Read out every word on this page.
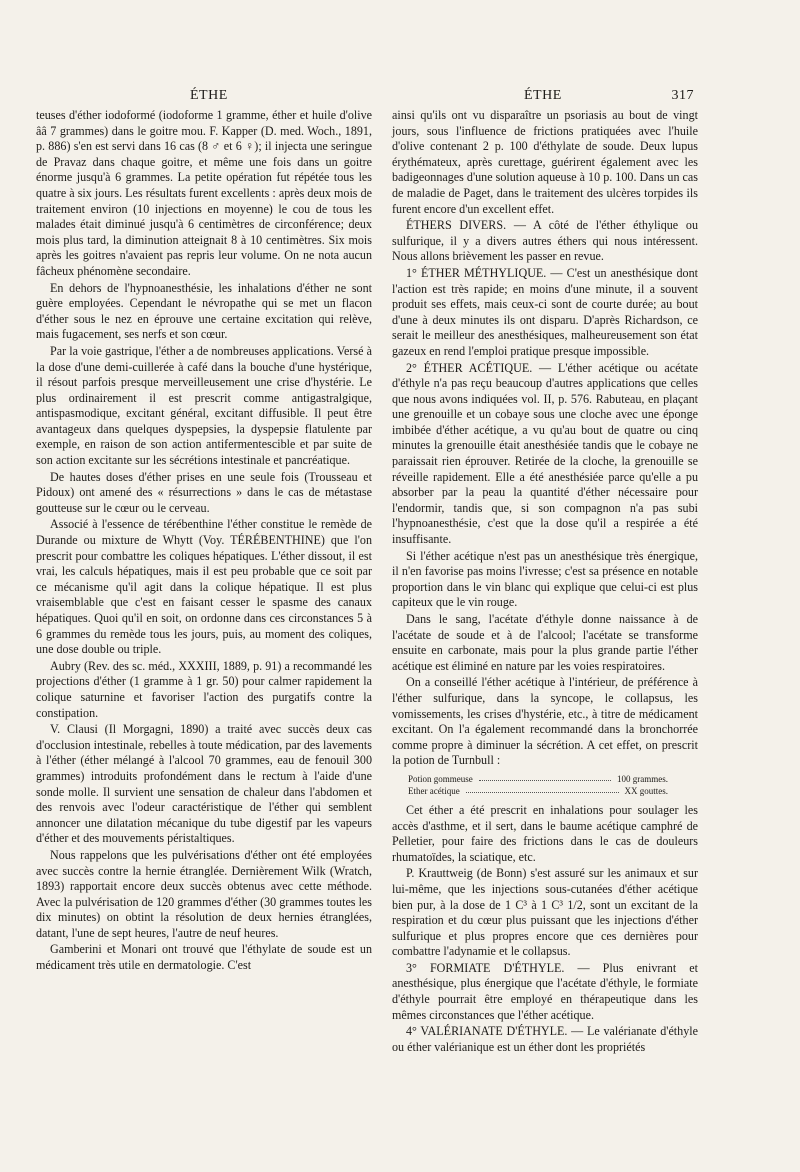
ÉTHE	ÉTHE	317

teuses d'éther iodoformé (iodoforme 1 gramme, éther et huile d'olive ââ 7 grammes) dans le goitre mou. F. Kapper (D. med. Woch., 1891, p. 886) s'en est servi dans 16 cas (8 ♂ et 6 ♀); il injecta une seringue de Pravaz dans chaque goitre, et même une fois dans un goitre énorme jusqu'à 6 grammes. La petite opération fut répétée tous les quatre à six jours. Les résultats furent excellents : après deux mois de traitement environ (10 injections en moyenne) le cou de tous les malades était diminué jusqu'à 6 centimètres de circonférence; deux mois plus tard, la diminution atteignait 8 à 10 centimètres. Six mois après les goitres n'avaient pas repris leur volume. On ne nota aucun fâcheux phénomène secondaire.

En dehors de l'hypnoanesthésie, les inhalations d'éther ne sont guère employées. Cependant le névropathe qui se met un flacon d'éther sous le nez en éprouve une certaine excitation qui relève, mais fugacement, ses nerfs et son cœur.

Par la voie gastrique, l'éther a de nombreuses applications. Versé à la dose d'une demi-cuillerée à café dans la bouche d'une hystérique, il résout parfois presque merveilleusement une crise d'hystérie. Le plus ordinairement il est prescrit comme antigastralgique, antispasmodique, excitant général, excitant diffusible. Il peut être avantageux dans quelques dyspepsies, la dyspepsie flatulente par exemple, en raison de son action antifermentescible et par suite de son action excitante sur les sécrétions intestinale et pancréatique.

De hautes doses d'éther prises en une seule fois (Trousseau et Pidoux) ont amené des « résurrections » dans le cas de métastase goutteuse sur le cœur ou le cerveau.

Associé à l'essence de térébenthine l'éther constitue le remède de Durande ou mixture de Whytt (Voy. TÉRÉBENTHINE) que l'on prescrit pour combattre les coliques hépatiques. L'éther dissout, il est vrai, les calculs hépatiques, mais il est peu probable que ce soit par ce mécanisme qu'il agit dans la colique hépatique. Il est plus vraisemblable que c'est en faisant cesser le spasme des canaux hépatiques. Quoi qu'il en soit, on ordonne dans ces circonstances 5 à 6 grammes du remède tous les jours, puis, au moment des coliques, une dose double ou triple.

Aubry (Rev. des sc. méd., XXXIII, 1889, p. 91) a recommandé les projections d'éther (1 gramme à 1 gr. 50) pour calmer rapidement la colique saturnine et favoriser l'action des purgatifs contre la constipation.

V. Clausi (Il Morgagni, 1890) a traité avec succès deux cas d'occlusion intestinale, rebelles à toute médication, par des lavements à l'éther (éther mélangé à l'alcool 70 grammes, eau de fenouil 300 grammes) introduits profondément dans le rectum à l'aide d'une sonde molle. Il survient une sensation de chaleur dans l'abdomen et des renvois avec l'odeur caractéristique de l'éther qui semblent annoncer une dilatation mécanique du tube digestif par les vapeurs d'éther et des mouvements péristaltiques.

Nous rappelons que les pulvérisations d'éther ont été employées avec succès contre la hernie étranglée. Dernièrement Wilk (Wratch, 1893) rapportait encore deux succès obtenus avec cette méthode. Avec la pulvérisation de 120 grammes d'éther (30 grammes toutes les dix minutes) on obtint la résolution de deux hernies étranglées, datant, l'une de sept heures, l'autre de neuf heures.

Gamberini et Monari ont trouvé que l'éthylate de soude est un médicament très utile en dermatologie. C'est

ainsi qu'ils ont vu disparaître un psoriasis au bout de vingt jours, sous l'influence de frictions pratiquées avec l'huile d'olive contenant 2 p. 100 d'éthylate de soude. Deux lupus érythémateux, après curettage, guérirent également avec les badigeonnages d'une solution aqueuse à 10 p. 100. Dans un cas de maladie de Paget, dans le traitement des ulcères torpides ils furent encore d'un excellent effet.

ÉTHERS DIVERS. — A côté de l'éther éthylique ou sulfurique, il y a divers autres éthers qui nous intéressent. Nous allons brièvement les passer en revue.

1° ÉTHER MÉTHYLIQUE. — C'est un anesthésique dont l'action est très rapide; en moins d'une minute, il a souvent produit ses effets, mais ceux-ci sont de courte durée; au bout d'une à deux minutes ils ont disparu. D'après Richardson, ce serait le meilleur des anesthésiques, malheureusement son état gazeux en rend l'emploi pratique presque impossible.

2° ÉTHER ACÉTIQUE. — L'éther acétique ou acétate d'éthyle n'a pas reçu beaucoup d'autres applications que celles que nous avons indiquées vol. II, p. 576. Rabuteau, en plaçant une grenouille et un cobaye sous une cloche avec une éponge imbibée d'éther acétique, a vu qu'au bout de quatre ou cinq minutes la grenouille était anesthésiée tandis que le cobaye ne paraissait rien éprouver. Retirée de la cloche, la grenouille se réveille rapidement. Elle a été anesthésiée parce qu'elle a pu absorber par la peau la quantité d'éther nécessaire pour l'endormir, tandis que, si son compagnon n'a pas subi l'hypnoanesthésie, c'est que la dose qu'il a respirée a été insuffisante.

Si l'éther acétique n'est pas un anesthésique très énergique, il n'en favorise pas moins l'ivresse; c'est sa présence en notable proportion dans le vin blanc qui explique que celui-ci est plus capiteux que le vin rouge.

Dans le sang, l'acétate d'éthyle donne naissance à de l'acétate de soude et à de l'alcool; l'acétate se transforme ensuite en carbonate, mais pour la plus grande partie l'éther acétique est éliminé en nature par les voies respiratoires.

On a conseillé l'éther acétique à l'intérieur, de préférence à l'éther sulfurique, dans la syncope, le collapsus, les vomissements, les crises d'hystérie, etc., à titre de médicament excitant. On l'a également recommandé dans la bronchorrée comme propre à diminuer la sécrétion. A cet effet, on prescrit la potion de Turnbull :

Potion gommeuse	100 grammes.
Ether acétique	XX gouttes.

Cet éther a été prescrit en inhalations pour soulager les accès d'asthme, et il sert, dans le baume acétique camphré de Pelletier, pour faire des frictions dans le cas de douleurs rhumatoïdes, la sciatique, etc.

P. Krauttweig (de Bonn) s'est assuré sur les animaux et sur lui-même, que les injections sous-cutanées d'éther acétique bien pur, à la dose de 1 C³ à 1 C³ 1/2, sont un excitant de la respiration et du cœur plus puissant que les injections d'éther sulfurique et plus propres encore que ces dernières pour combattre l'adynamie et le collapsus.

3° FORMIATE D'ÉTHYLE. — Plus enivrant et anesthésique, plus énergique que l'acétate d'éthyle, le formiate d'éthyle pourrait être employé en thérapeutique dans les mêmes circonstances que l'éther acétique.

4° VALÉRIANATE D'ÉTHYLE. — Le valérianate d'éthyle ou éther valérianique est un éther dont les propriétés
